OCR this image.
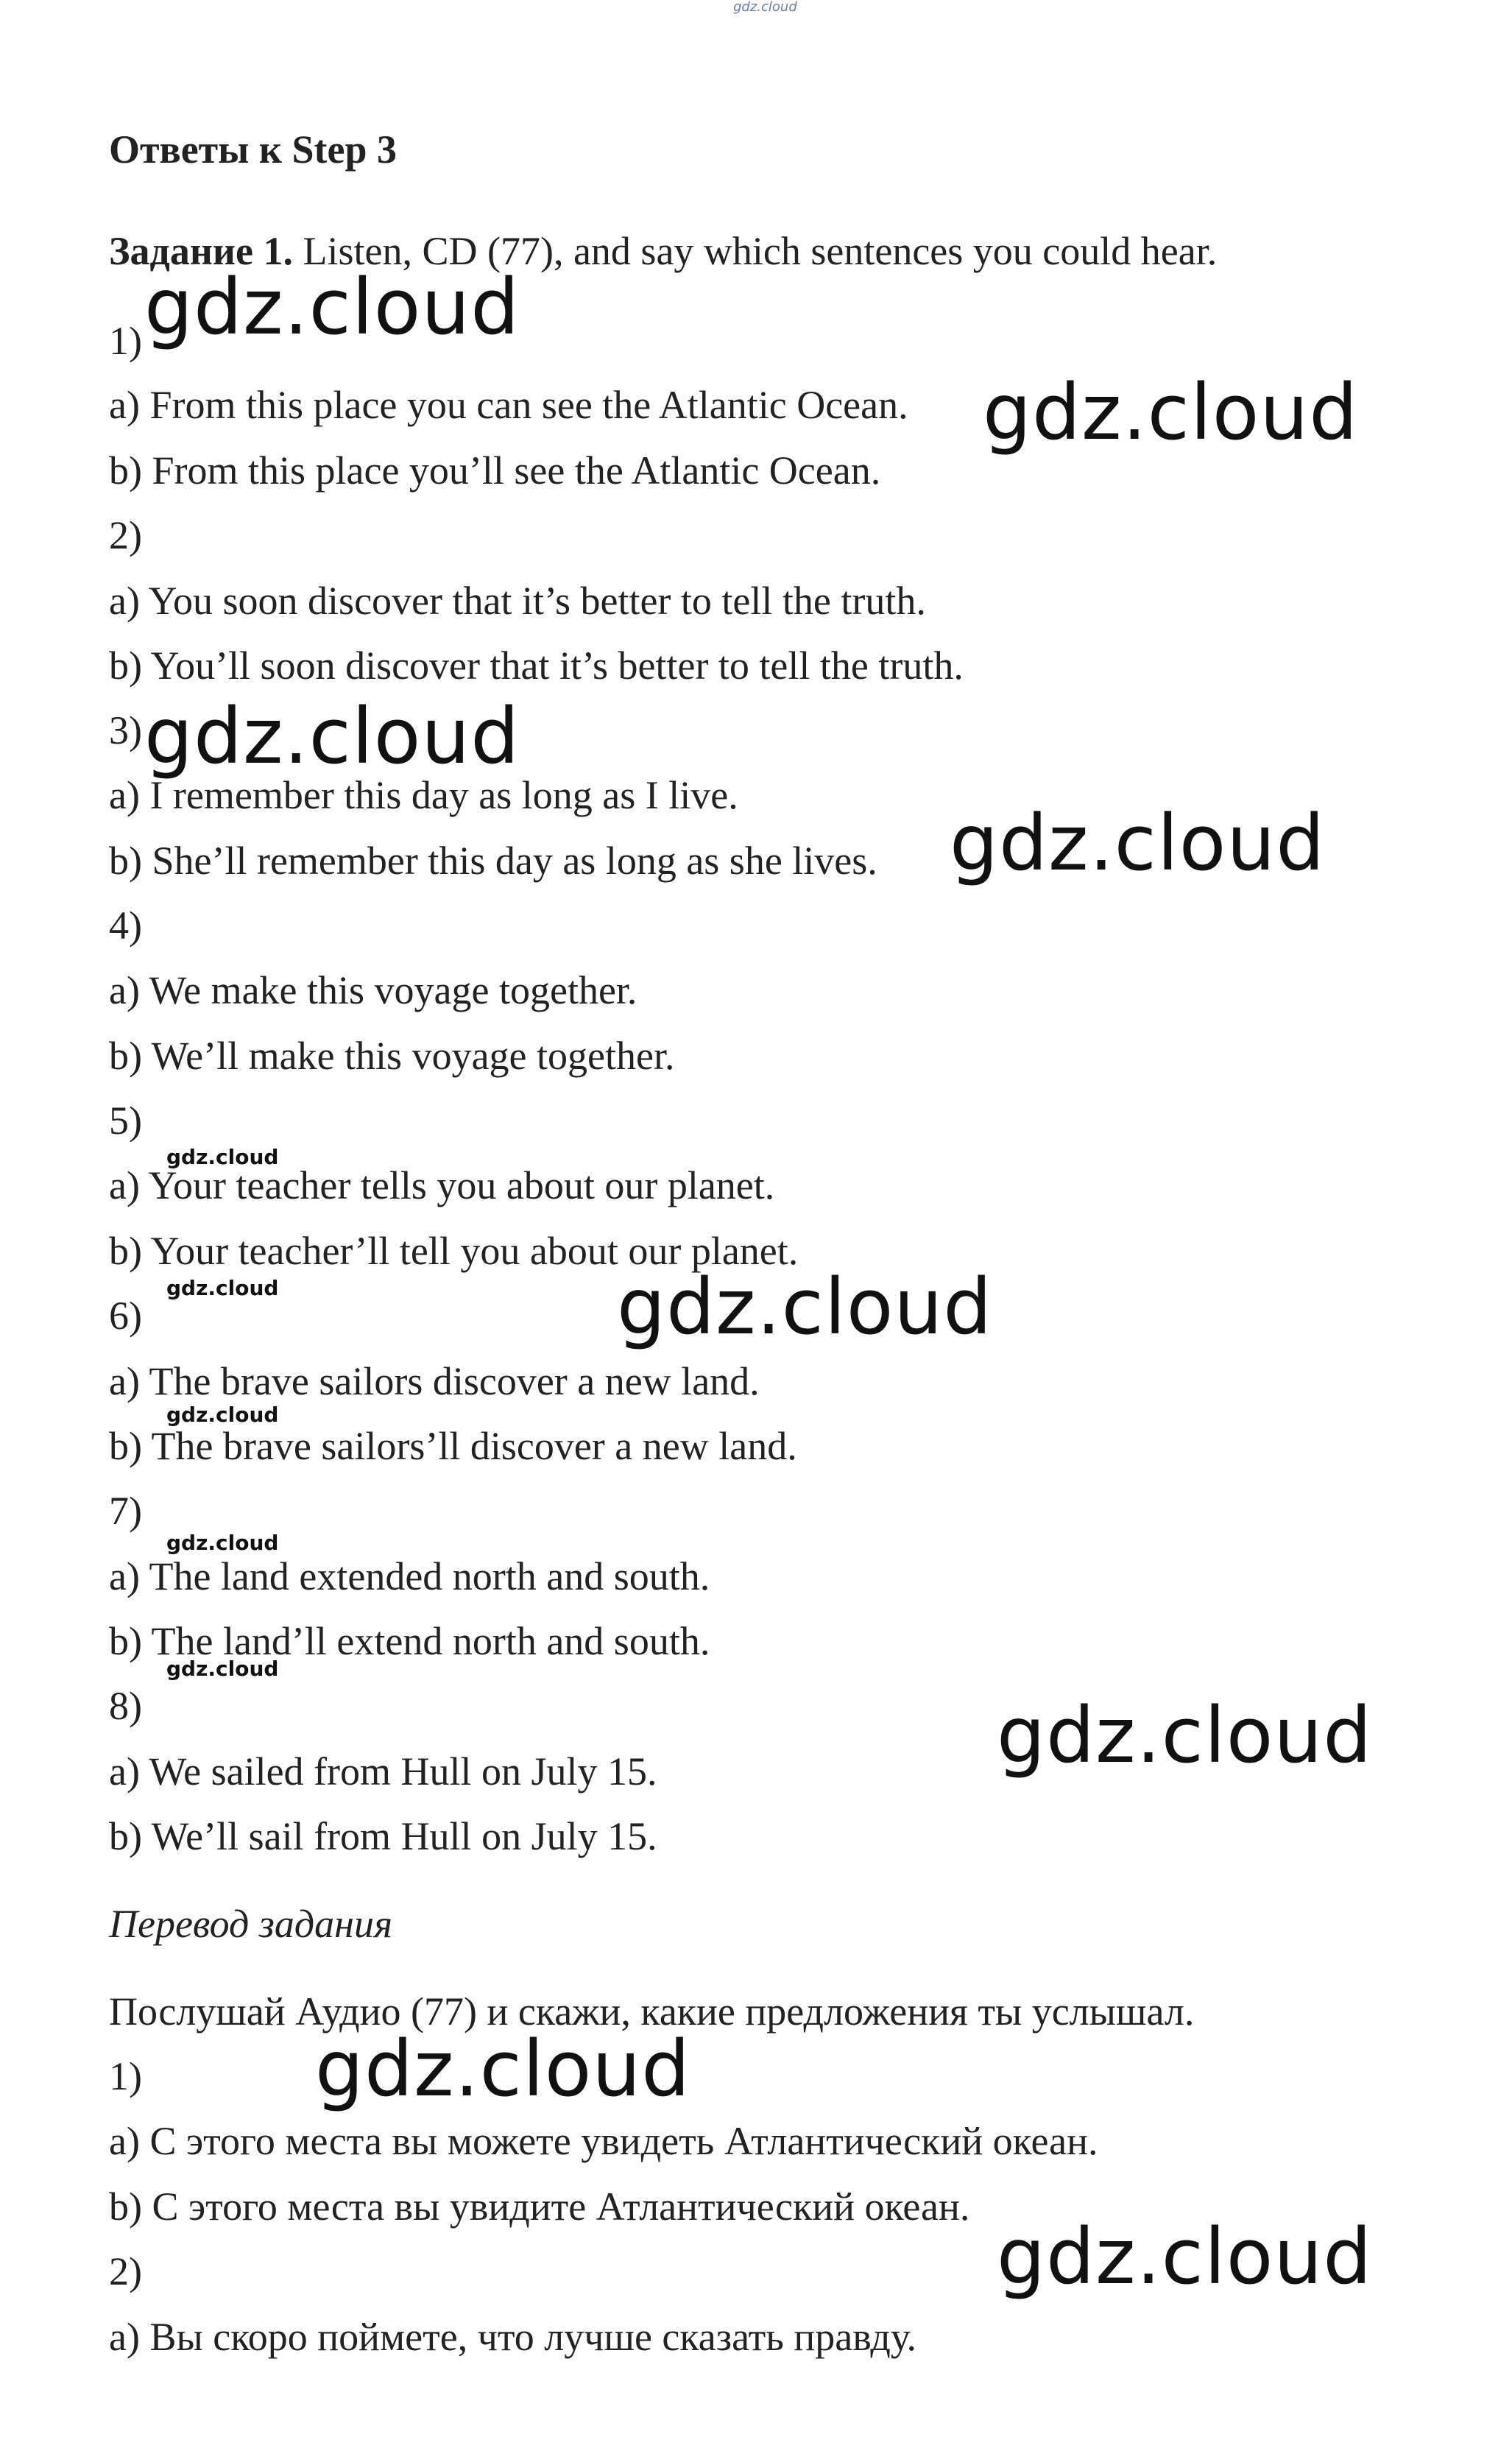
gdz.cloud
Ответы к Step 3
Задание 1. Listen, CD (77), and say which sentences you could hear.
1)
a) From this place you can see the Atlantic Ocean.
b) From this place you’ll see the Atlantic Ocean.
2)
a) You soon discover that it’s better to tell the truth.
b) You’ll soon discover that it’s better to tell the truth.
3)
a) I remember this day as long as I live.
b) She’ll remember this day as long as she lives.
4)
a) We make this voyage together.
b) We’ll make this voyage together.
5)
a) Your teacher tells you about our planet.
b) Your teacher’ll tell you about our planet.
6)
a) The brave sailors discover a new land.
b) The brave sailors’ll discover a new land.
7)
a) The land extended north and south.
b) The land’ll extend north and south.
8)
a) We sailed from Hull on July 15.
b) We’ll sail from Hull on July 15.
Перевод задания
Послушай Аудио (77) и скажи, какие предложения ты услышал.
1)
a) С этого места вы можете увидеть Атлантический океан.
b) С этого места вы увидите Атлантический океан.
2)
a) Вы скоро поймете, что лучше сказать правду.
gdz.cloud
gdz.cloud
gdz.cloud
gdz.cloud
gdz.cloud
gdz.cloud
gdz.cloud
gdz.cloud
gdz.cloud
gdz.cloud
gdz.cloud
gdz.cloud
gdz.cloud
